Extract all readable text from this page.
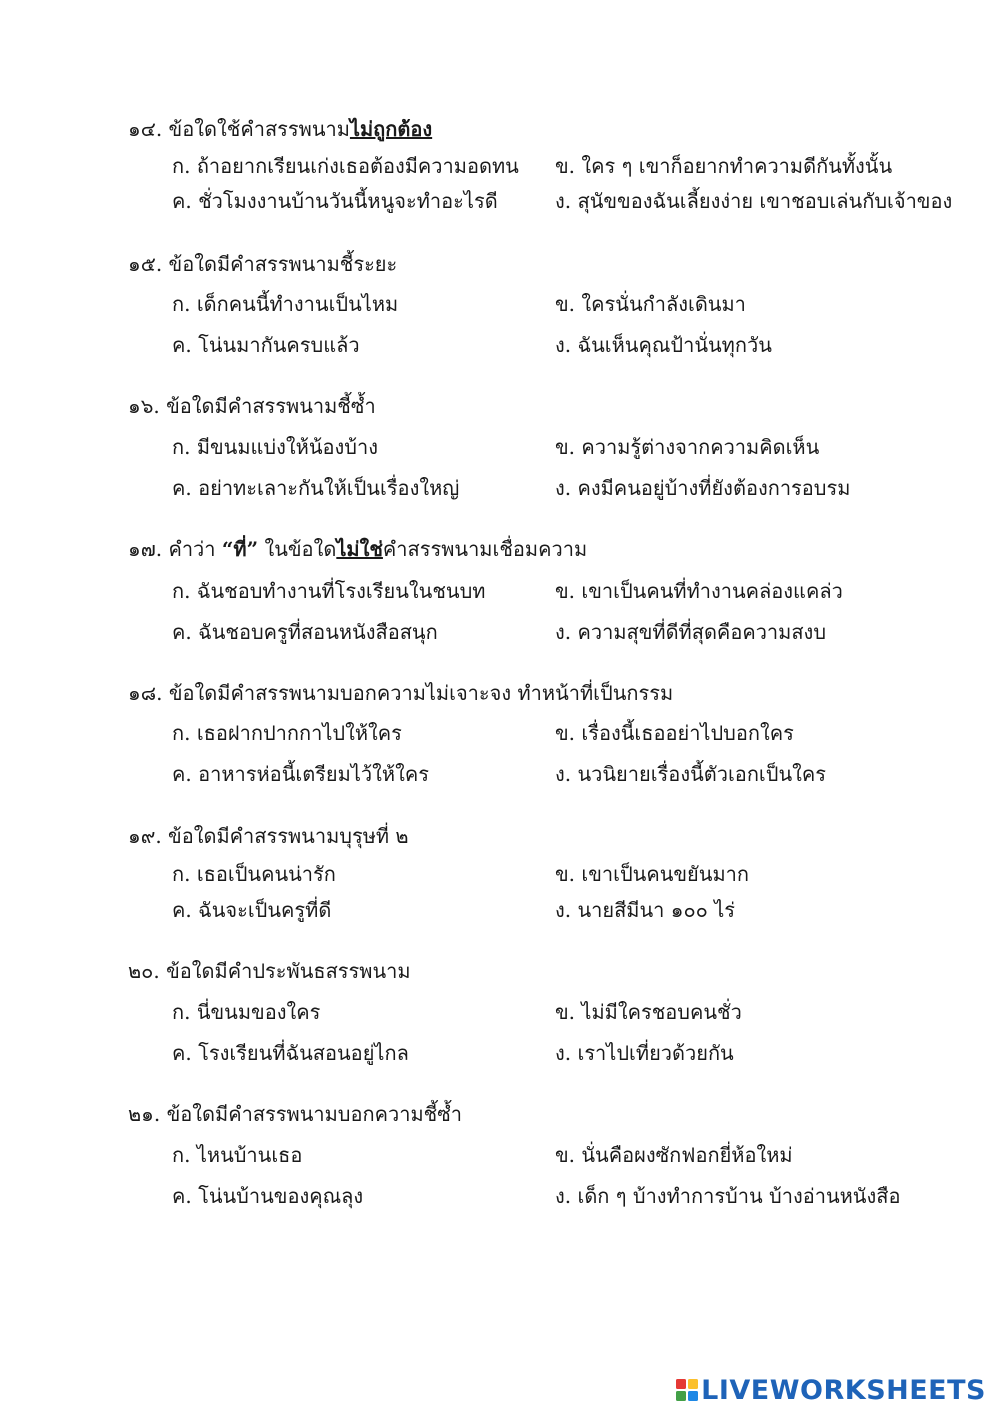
๑๔. ข้อใดใช้คำสรรพนามไม่ถูกต้อง
ก. ถ้าอยากเรียนเก่งเธอต้องมีความอดทน ข. ใคร ๆ เขาก็อยากทำความดีกันทั้งนั้น
ค. ชั่วโมงงานบ้านวันนี้หนูจะทำอะไรดี	ง. สุนัขของฉันเลี้ยงง่าย เขาชอบเล่นกับเจ้าของ
๑๕. ข้อใดมีคำสรรพนามชี้ระยะ
ก. เด็กคนนี้ทำงานเป็นไหม	ข. ใครนั่นกำลังเดินมา
ค. โน่นมากันครบแล้ว	ง. ฉันเห็นคุณป้านั่นทุกวัน
๑๖. ข้อใดมีคำสรรพนามชี้ซ้ำ
ก. มีขนมแบ่งให้น้องบ้าง	ข. ความรู้ต่างจากความคิดเห็น
ค. อย่าทะเลาะกันให้เป็นเรื่องใหญ่	ง. คงมีคนอยู่บ้างที่ยังต้องการอบรม
๑๗. คำว่า “ที่” ในข้อใดไม่ใช่คำสรรพนามเชื่อมความ
ก. ฉันชอบทำงานที่โรงเรียนในชนบท	ข. เขาเป็นคนที่ทำงานคล่องแคล่ว
ค. ฉันชอบครูที่สอนหนังสือสนุก	ง. ความสุขที่ดีที่สุดคือความสงบ
๑๘. ข้อใดมีคำสรรพนามบอกความไม่เจาะจง ทำหน้าที่เป็นกรรม
ก. เธอฝากปากกาไปให้ใคร	ข. เรื่องนี้เธออย่าไปบอกใคร
ค. อาหารห่อนี้เตรียมไว้ให้ใคร	ง. นวนิยายเรื่องนี้ตัวเอกเป็นใคร
๑๙. ข้อใดมีคำสรรพนามบุรุษที่ ๒
ก. เธอเป็นคนน่ารัก	ข. เขาเป็นคนขยันมาก
ค. ฉันจะเป็นครูที่ดี	ง. นายสีมีนา ๑๐๐ ไร่
๒๐. ข้อใดมีคำประพันธสรรพนาม
ก. นี่ขนมของใคร	ข. ไม่มีใครชอบคนชั่ว
ค. โรงเรียนที่ฉันสอนอยู่ไกล	ง. เราไปเที่ยวด้วยกัน
๒๑. ข้อใดมีคำสรรพนามบอกความชี้ซ้ำ
ก. ไหนบ้านเธอ	ข. นั่นคือผงซักฟอกยี่ห้อใหม่
ค. โน่นบ้านของคุณลุง	ง. เด็ก ๆ บ้างทำการบ้าน บ้างอ่านหนังสือ
LIVEWORKSHEETS
